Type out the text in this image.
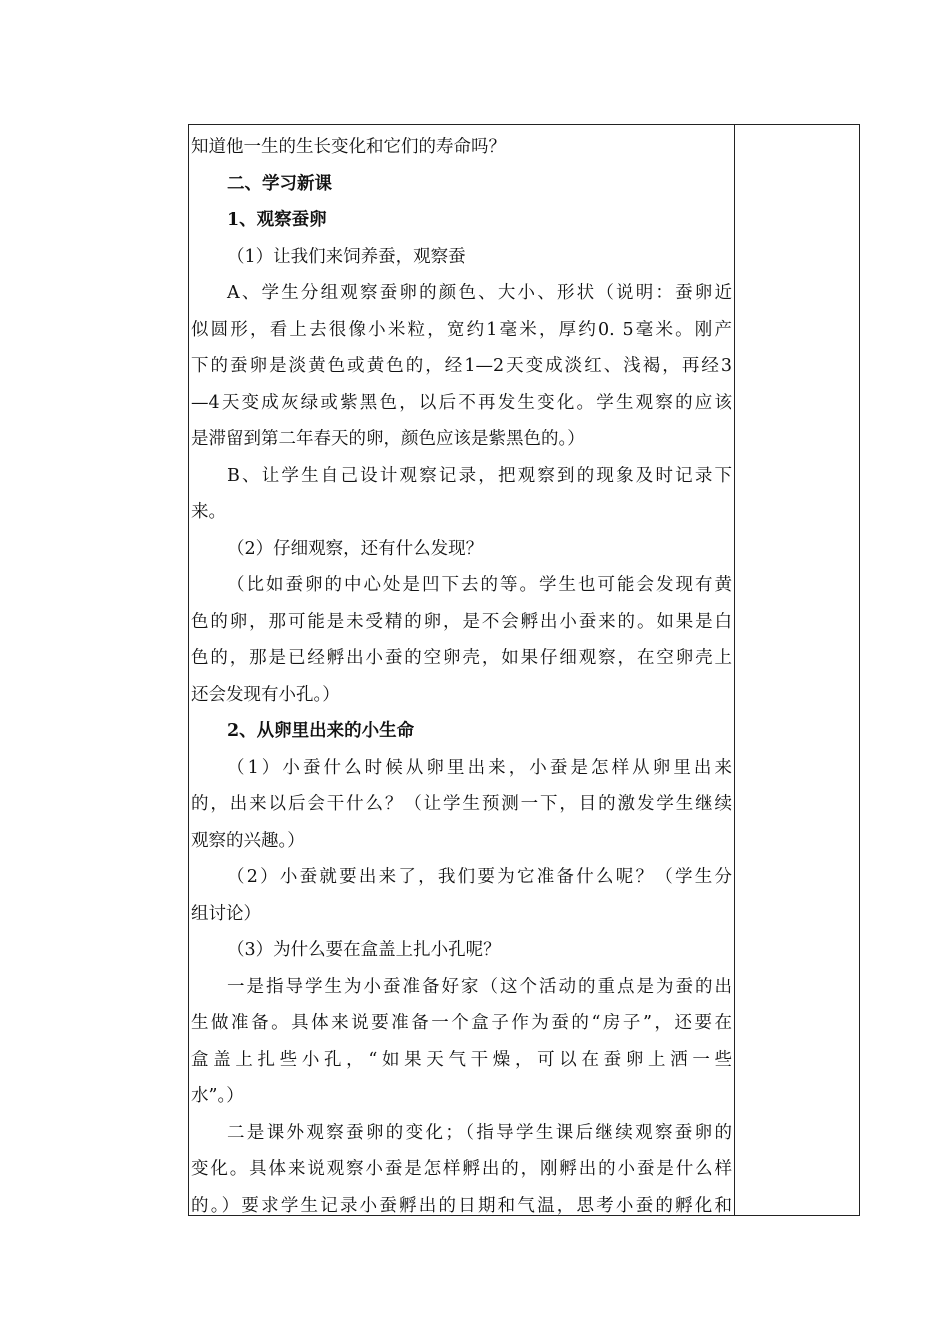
知道他一生的生长变化和它们的寿命吗？
二、学习新课
1、观察蚕卵
（1）让我们来饲养蚕，观察蚕
A、学生分组观察蚕卵的颜色、大小、形状（说明：蚕卵近
似圆形，看上去很像小米粒，宽约1毫米，厚约0. 5毫米。刚产
下的蚕卵是淡黄色或黄色的，经1—2天变成淡红、浅褐，再经3
—4天变成灰绿或紫黑色，以后不再发生变化。学生观察的应该
是滞留到第二年春天的卵，颜色应该是紫黑色的。）
B、让学生自己设计观察记录，把观察到的现象及时记录下
来。
（2）仔细观察，还有什么发现？
（比如蚕卵的中心处是凹下去的等。学生也可能会发现有黄
色的卵，那可能是未受精的卵，是不会孵出小蚕来的。如果是白
色的，那是已经孵出小蚕的空卵壳，如果仔细观察，在空卵壳上
还会发现有小孔。）
2、从卵里出来的小生命
（1）小蚕什么时候从卵里出来，小蚕是怎样从卵里出来
的，出来以后会干什么？（让学生预测一下，目的激发学生继续
观察的兴趣。）
（2）小蚕就要出来了，我们要为它准备什么呢？（学生分
组讨论）
（3）为什么要在盒盖上扎小孔呢？
一是指导学生为小蚕准备好家（这个活动的重点是为蚕的出
生做准备。具体来说要准备一个盒子作为蚕的“房子”，还要在
盒盖上扎些小孔，“如果天气干燥，可以在蚕卵上洒一些
水”。）
二是课外观察蚕卵的变化；（指导学生课后继续观察蚕卵的
变化。具体来说观察小蚕是怎样孵出的，刚孵出的小蚕是什么样
的。）要求学生记录小蚕孵出的日期和气温，思考小蚕的孵化和
